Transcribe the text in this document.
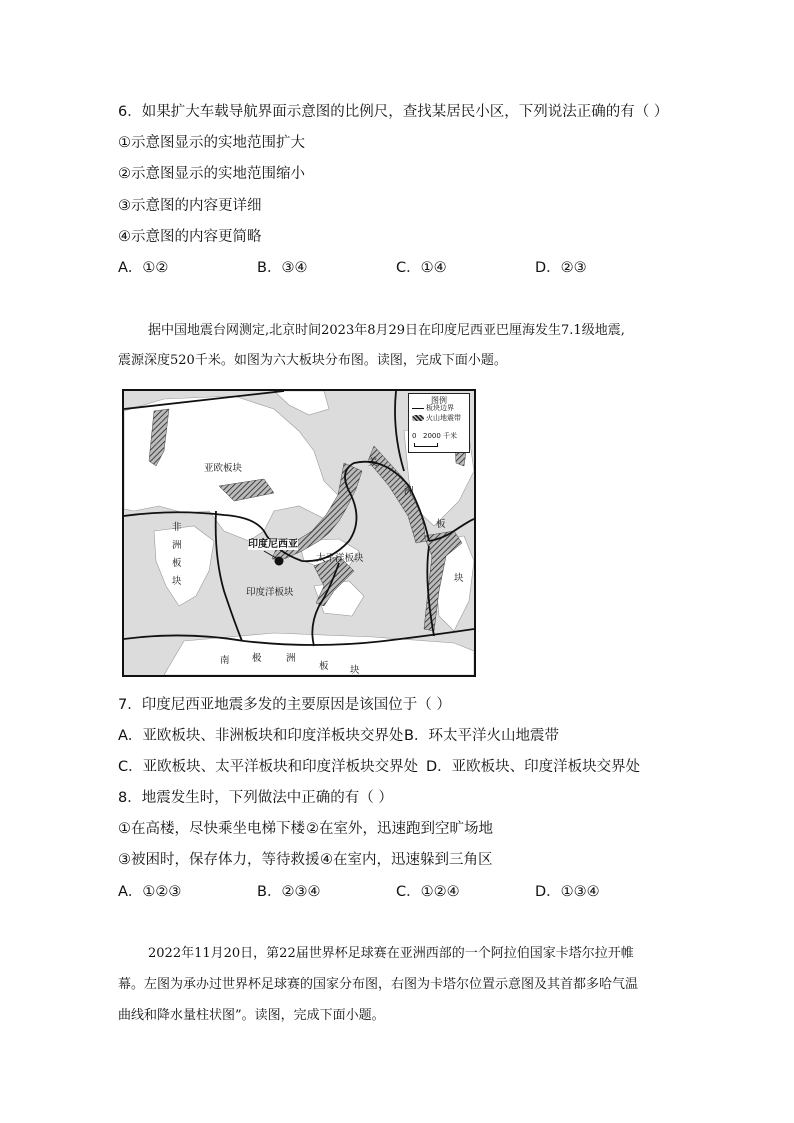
6．如果扩大车载导航界面示意图的比例尺，查找某居民小区，下列说法正确的有（ ）
①示意图显示的实地范围扩大
②示意图显示的实地范围缩小
③示意图的内容更详细
④示意图的内容更简略
A．①②	B．③④	C．①④	D．②③
据中国地震台网测定,北京时间2023年8月29日在印度尼西亚巴厘海发生7.1级地震,
震源深度520千米。如图为六大板块分布图。读图，完成下面小题。
亚欧板块
印度尼西亚
太平洋板块
印度洋板块
非
洲
板
块
美
洲
板
块
南 极	洲
板 块
图例
板块边界
火山地震带
0 2000 千米
7．印度尼西亚地震多发的主要原因是该国位于（ ）
A．亚欧板块、非洲板块和印度洋板块交界处 B．环太平洋火山地震带
C．亚欧板块、太平洋板块和印度洋板块交界处 D．亚欧板块、印度洋板块交界处
8．地震发生时，下列做法中正确的有（ ）
①在高楼，尽快乘坐电梯下楼 ②在室外，迅速跑到空旷场地
③被困时，保存体力，等待救援 ④在室内，迅速躲到三角区
A．①②③	B．②③④	C．①②④	D．①③④
2022年11月20日，第22届世界杯足球赛在亚洲西部的一个阿拉伯国家卡塔尔拉开帷
幕。左图为承办过世界杯足球赛的国家分布图，右图为卡塔尔位置示意图及其首都多哈气温
曲线和降水量柱状图”。读图，完成下面小题。
